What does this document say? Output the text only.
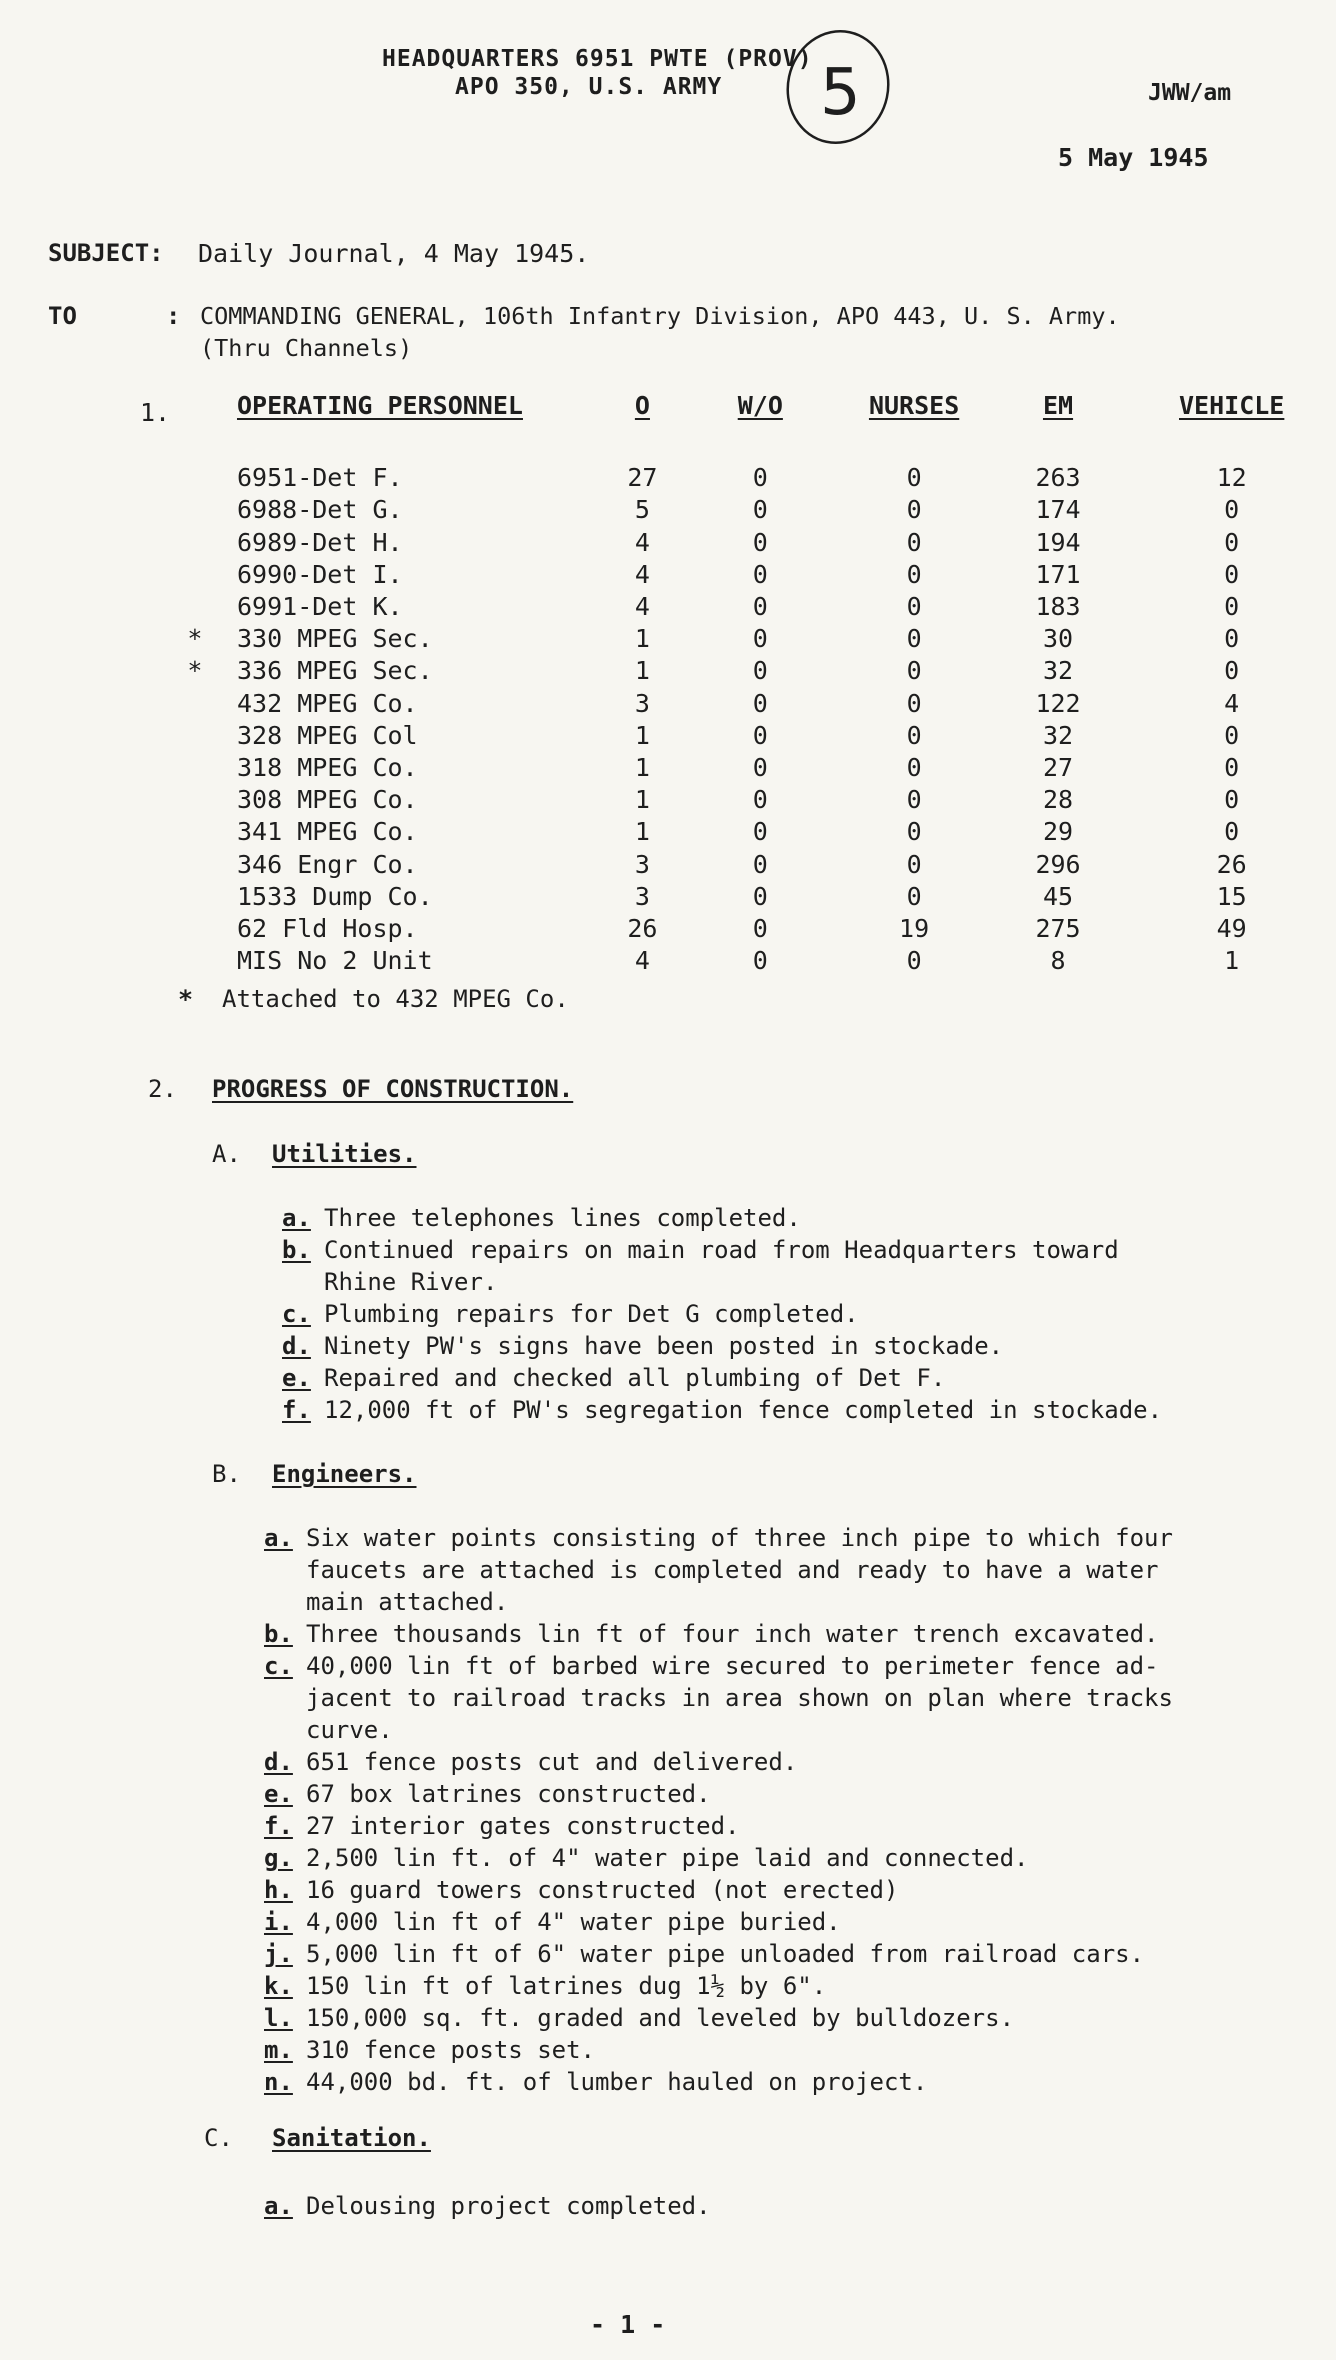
HEADQUARTERS 6951 PWTE (PROV)
APO 350, U.S. ARMY 5	JWW/am
5 May 1945
SUBJECT: Daily Journal, 4 May 1945.
TO	: COMMANDING GENERAL, 106th Infantry Division, APO 443, U. S. Army.
(Thru Channels)
1.
			OPERATING PERSONNEL	O	W/O	NURSES	EM	VEHICLE

		6951-Det F.	27	0	0	263	12
		6988-Det G.	5	0	0	174	0
		6989-Det H.	4	0	0	194	0
		6990-Det I.	4	0	0	171	0
		6991-Det K.	4	0	0	183	0
	*	330 MPEG Sec.	1	0	0	30	0
	*	336 MPEG Sec.	1	0	0	32	0
		432 MPEG Co.	3	0	0	122	4
		328 MPEG Col	1	0	0	32	0
		318 MPEG Co.	1	0	0	27	0
		308 MPEG Co.	1	0	0	28	0
		341 MPEG Co.	1	0	0	29	0
		346 Engr Co.	3	0	0	296	26
		1533 Dump Co.	3	0	0	45	15
		62 Fld Hosp.	26	0	19	275	49
		MIS No 2 Unit	4	0	0	8	1
* Attached to 432 MPEG Co.
2. PROGRESS OF CONSTRUCTION.
A. Utilities.
a. Three telephones lines completed.
b. Continued repairs on main road from Headquarters toward
Rhine River.
c. Plumbing repairs for Det G completed.
d. Ninety PW's signs have been posted in stockade.
e. Repaired and checked all plumbing of Det F.
f. 12,000 ft of PW's segregation fence completed in stockade.
B. Engineers.
a. Six water points consisting of three inch pipe to which four
faucets are attached is completed and ready to have a water
main attached.
b. Three thousands lin ft of four inch water trench excavated.
c. 40,000 lin ft of barbed wire secured to perimeter fence ad-
jacent to railroad tracks in area shown on plan where tracks
curve.
d. 651 fence posts cut and delivered.
e. 67 box latrines constructed.
f. 27 interior gates constructed.
g. 2,500 lin ft. of 4" water pipe laid and connected.
h. 16 guard towers constructed (not erected)
i. 4,000 lin ft of 4" water pipe buried.
j. 5,000 lin ft of 6" water pipe unloaded from railroad cars.
k. 150 lin ft of latrines dug 1½ by 6".
l. 150,000 sq. ft. graded and leveled by bulldozers.
m. 310 fence posts set.
n. 44,000 bd. ft. of lumber hauled on project.
C. Sanitation.
a. Delousing project completed.
- 1 -
